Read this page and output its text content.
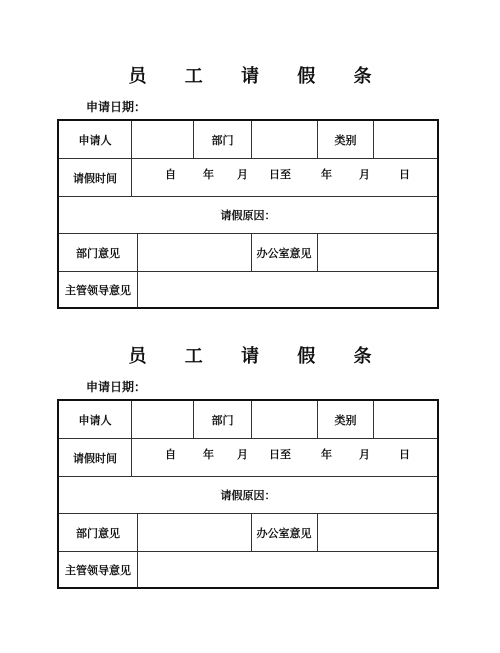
员 工 请 假 条
申请日期：
申请人	部门	类别
请假时间	自 年 月 日至	年 月	日
请假原因：
部门意见	办公室意见
主管领导意见
员 工 请 假 条
申请日期：
申请人	部门	类别
请假时间	自 年 月 日至	年 月	日
请假原因：
部门意见	办公室意见
主管领导意见
